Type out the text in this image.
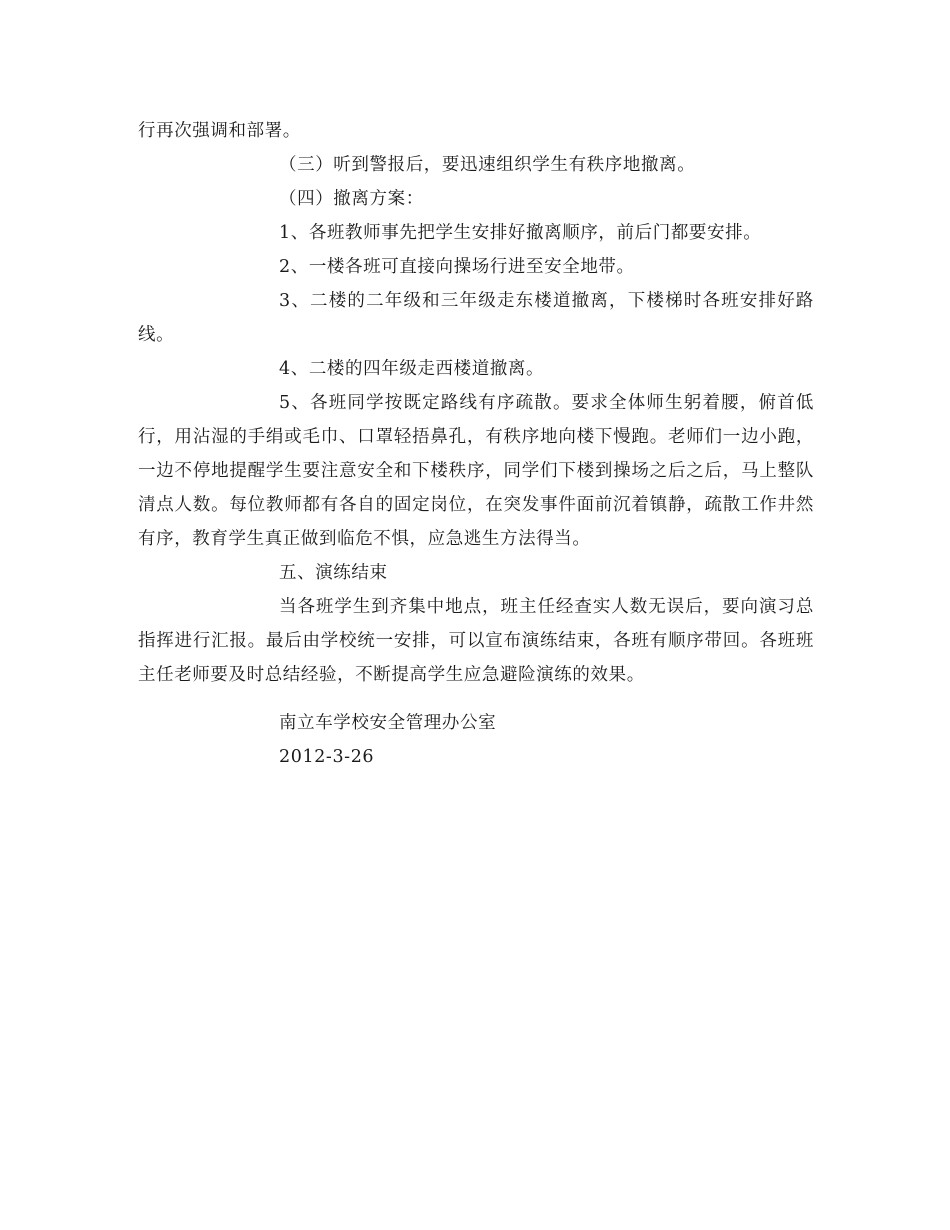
行再次强调和部署。

（三）听到警报后，要迅速组织学生有秩序地撤离。

（四）撤离方案：

1、各班教师事先把学生安排好撤离顺序，前后门都要安排。

2、一楼各班可直接向操场行进至安全地带。

3、二楼的二年级和三年级走东楼道撤离，下楼梯时各班安排好路线。

4、二楼的四年级走西楼道撤离。

5、各班同学按既定路线有序疏散。要求全体师生躬着腰，俯首低行，用沾湿的手绢或毛巾、口罩轻捂鼻孔，有秩序地向楼下慢跑。老师们一边小跑，一边不停地提醒学生要注意安全和下楼秩序，同学们下楼到操场之后之后，马上整队清点人数。每位教师都有各自的固定岗位，在突发事件面前沉着镇静，疏散工作井然有序，教育学生真正做到临危不惧，应急逃生方法得当。

五、演练结束

当各班学生到齐集中地点，班主任经查实人数无误后，要向演习总指挥进行汇报。最后由学校统一安排，可以宣布演练结束，各班有顺序带回。各班班主任老师要及时总结经验，不断提高学生应急避险演练的效果。

南立车学校安全管理办公室

2012-3-26
